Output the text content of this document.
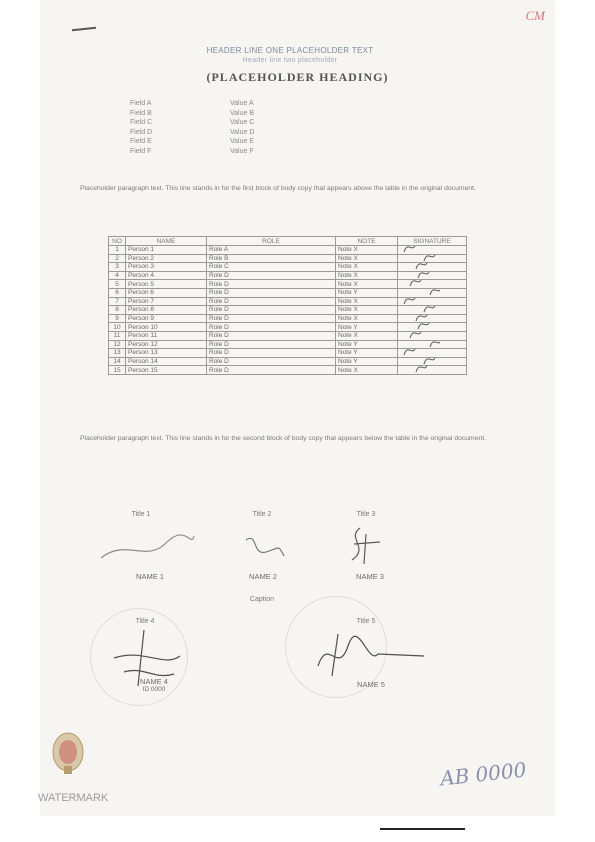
CM
HEADER LINE ONE PLACEHOLDER TEXT
Header line two placeholder
(PLACEHOLDER HEADING)
Field A	Value A
Field B	Value B
Field C	Value C
Field D	Value D
Field E	Value E
Field F	Value F
Placeholder paragraph text. This line stands in for the first block of body copy that appears above the table in the original document.
NO	NAME	ROLE	NOTE	SIGNATURE
1	Person 1	Role A	Note X	

2	Person 2	Role B	Note X	

3	Person 3	Role C	Note X	

4	Person 4	Role D	Note X	

5	Person 5	Role D	Note X	

6	Person 6	Role D	Note Y	

7	Person 7	Role D	Note X	

8	Person 8	Role D	Note X	

9	Person 9	Role D	Note X	

10	Person 10	Role D	Note Y	

11	Person 11	Role D	Note X	

12	Person 12	Role D	Note Y	

13	Person 13	Role D	Note Y	

14	Person 14	Role D	Note Y	

15	Person 15	Role D	Note X	
Placeholder paragraph text. This line stands in for the second block of body copy that appears below the table in the original document.
Title 1
NAME 1
Title 2
NAME 2
Title 3
NAME 3
Caption
Title 4
NAME 4
ID 0000
Title 5
NAME 5
AB 0000
WATERMARK
